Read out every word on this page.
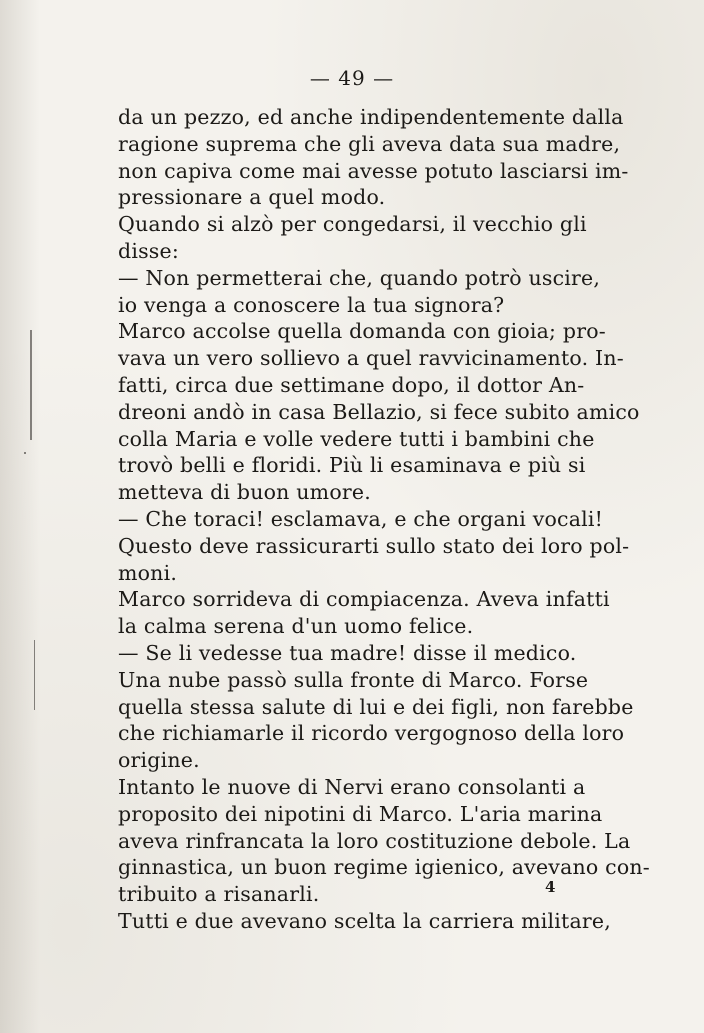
— 49 —
da un pezzo, ed anche indipendentemente dalla
ragione suprema che gli aveva data sua madre,
non capiva come mai avesse potuto lasciarsi im-
pressionare a quel modo.
Quando si alzò per congedarsi, il vecchio gli
disse:
— Non permetterai che, quando potrò uscire,
io venga a conoscere la tua signora?
Marco accolse quella domanda con gioia; pro-
vava un vero sollievo a quel ravvicinamento. In-
fatti, circa due settimane dopo, il dottor An-
dreoni andò in casa Bellazio, si fece subito amico
colla Maria e volle vedere tutti i bambini che
trovò belli e floridi. Più li esaminava e più si
metteva di buon umore.
— Che toraci! esclamava, e che organi vocali!
Questo deve rassicurarti sullo stato dei loro pol-
moni.
Marco sorrideva di compiacenza. Aveva infatti
la calma serena d'un uomo felice.
— Se li vedesse tua madre! disse il medico.
Una nube passò sulla fronte di Marco. Forse
quella stessa salute di lui e dei figli, non farebbe
che richiamarle il ricordo vergognoso della loro
origine.
Intanto le nuove di Nervi erano consolanti a
proposito dei nipotini di Marco. L'aria marina
aveva rinfrancata la loro costituzione debole. La
ginnastica, un buon regime igienico, avevano con-
tribuito a risanarli.
Tutti e due avevano scelta la carriera militare,
4
